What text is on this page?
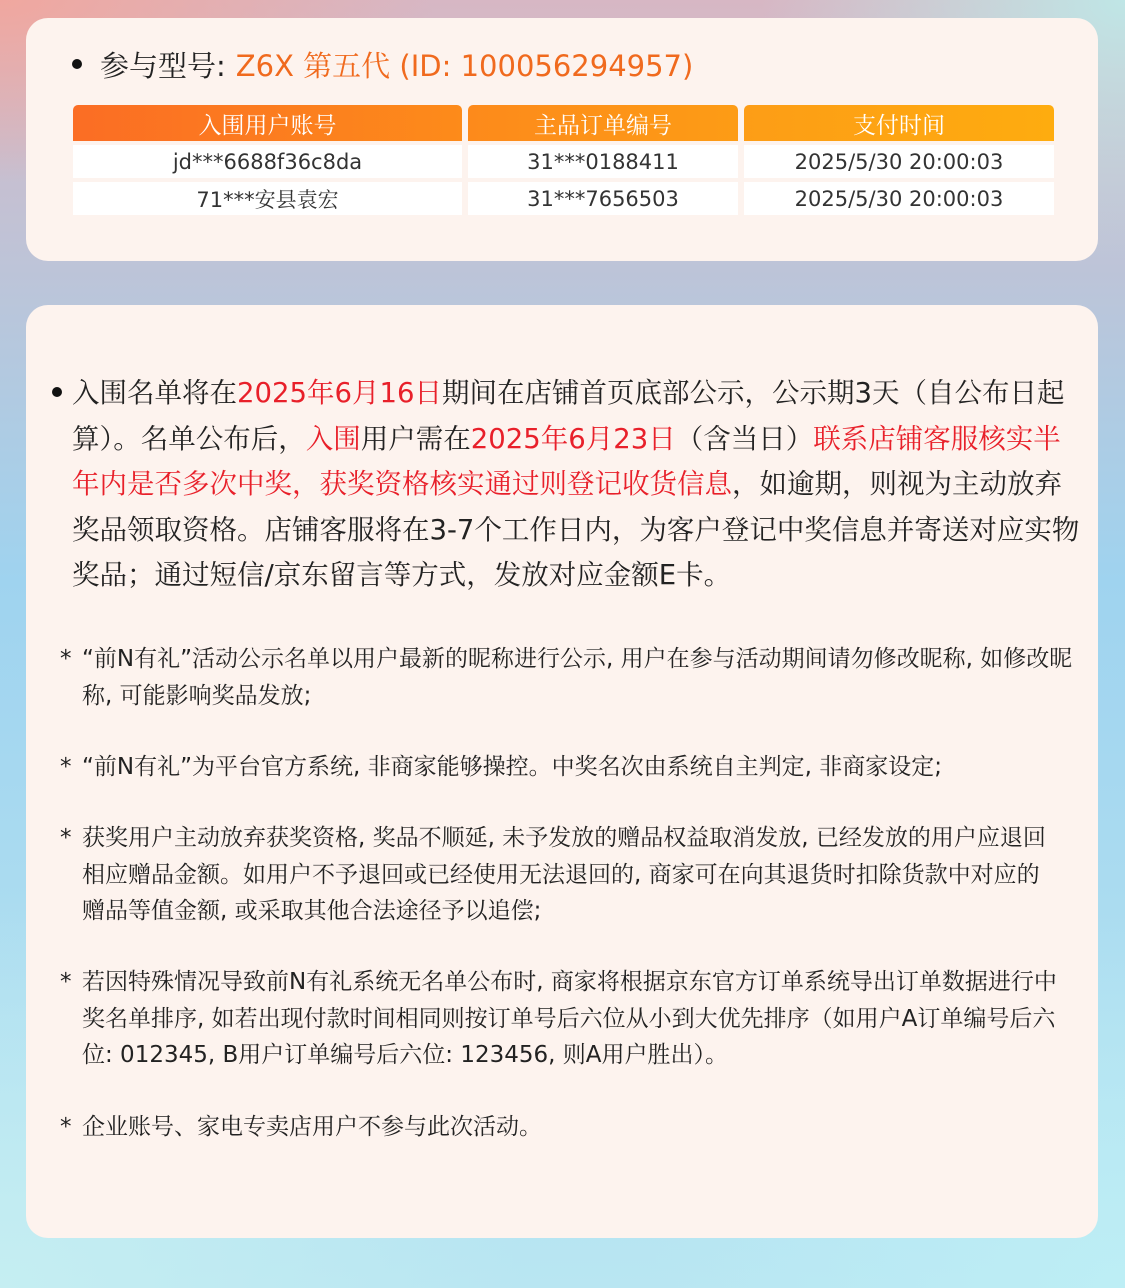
参与型号: Z6X 第五代 (ID: 100056294957)
入围用户账号	主品订单编号	支付时间
jd***6688f36c8da	31***0188411	2025/5/30 20:00:03
71***安县袁宏	31***7656503	2025/5/30 20:00:03
入围名单将在2025年6月16日期间在店铺首页底部公示，公示期3天（自公布日起算）。名单公布后，入围用户需在2025年6月23日（含当日）联系店铺客服核实半年内是否多次中奖，获奖资格核实通过则登记收货信息，如逾期，则视为主动放弃奖品领取资格。店铺客服将在3-7个工作日内，为客户登记中奖信息并寄送对应实物奖品；通过短信/京东留言等方式，发放对应金额E卡。
* “前N有礼”活动公示名单以用户最新的昵称进行公示, 用户在参与活动期间请勿修改昵称, 如修改昵称, 可能影响奖品发放;
* “前N有礼”为平台官方系统, 非商家能够操控。中奖名次由系统自主判定, 非商家设定;
* 获奖用户主动放弃获奖资格, 奖品不顺延, 未予发放的赠品权益取消发放, 已经发放的用户应退回相应赠品金额。如用户不予退回或已经使用无法退回的, 商家可在向其退货时扣除货款中对应的赠品等值金额, 或采取其他合法途径予以追偿;
* 若因特殊情况导致前N有礼系统无名单公布时, 商家将根据京东官方订单系统导出订单数据进行中奖名单排序, 如若出现付款时间相同则按订单号后六位从小到大优先排序（如用户A订单编号后六位: 012345, B用户订单编号后六位: 123456, 则A用户胜出）。
* 企业账号、家电专卖店用户不参与此次活动。
